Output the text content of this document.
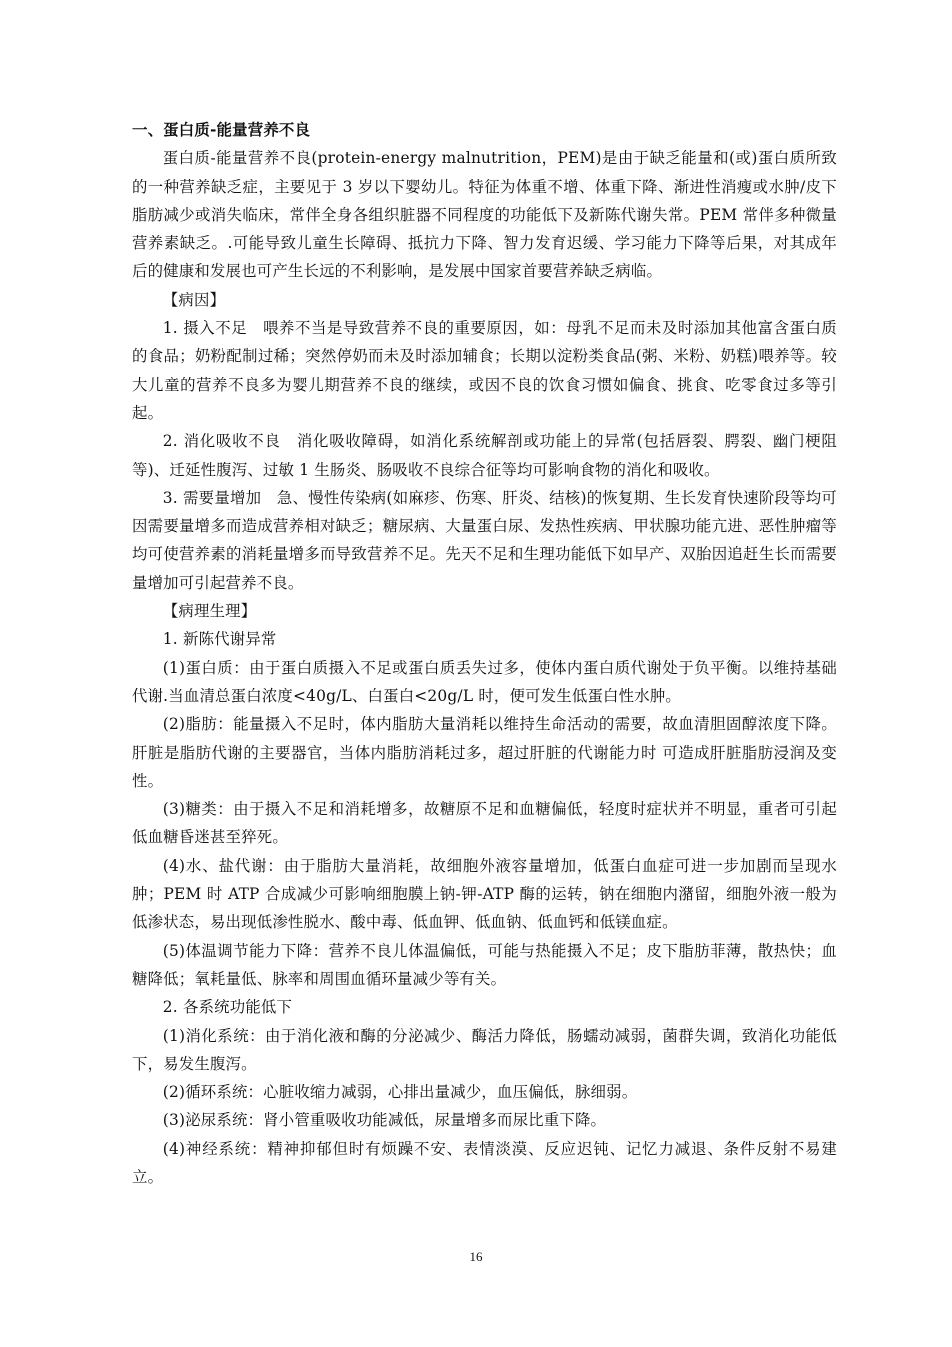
一、蛋白质-能量营养不良

蛋白质-能量营养不良(protein-energy malnutrition，PEM)是由于缺乏能量和(或)蛋白质所致的一种营养缺乏症，主要见于 3 岁以下婴幼儿。特征为体重不增、体重下降、渐进性消瘦或水肿/皮下脂肪减少或消失临床，常伴全身各组织脏器不同程度的功能低下及新陈代谢失常。PEM 常伴多种微量营养素缺乏。.可能导致儿童生长障碍、抵抗力下降、智力发育迟缓、学习能力下降等后果，对其成年后的健康和发展也可产生长远的不利影响，是发展中国家首要营养缺乏病临。

【病因】

1. 摄入不足　喂养不当是导致营养不良的重要原因，如：母乳不足而未及时添加其他富含蛋白质的食品；奶粉配制过稀；突然停奶而未及时添加辅食；长期以淀粉类食品(粥、米粉、奶糕)喂养等。较大儿童的营养不良多为婴儿期营养不良的继续，或因不良的饮食习惯如偏食、挑食、吃零食过多等引起。

2. 消化吸收不良　消化吸收障碍，如消化系统解剖或功能上的异常(包括唇裂、腭裂、幽门梗阻等)、迁延性腹泻、过敏 1 生肠炎、肠吸收不良综合征等均可影响食物的消化和吸收。

3. 需要量增加　急、慢性传染病(如麻疹、伤寒、肝炎、结核)的恢复期、生长发育快速阶段等均可因需要量增多而造成营养相对缺乏；糖尿病、大量蛋白尿、发热性疾病、甲状腺功能亢进、恶性肿瘤等均可使营养素的消耗量增多而导致营养不足。先天不足和生理功能低下如早产、双胎因追赶生长而需要量增加可引起营养不良。

【病理生理】

1. 新陈代谢异常

(1)蛋白质：由于蛋白质摄入不足或蛋白质丢失过多，使体内蛋白质代谢处于负平衡。以维持基础代谢.当血清总蛋白浓度<40g/L、白蛋白<20g/L 时，便可发生低蛋白性水肿。

(2)脂肪：能量摄入不足时，体内脂肪大量消耗以维持生命活动的需要，故血清胆固醇浓度下降。肝脏是脂肪代谢的主要器官，当体内脂肪消耗过多，超过肝脏的代谢能力时 可造成肝脏脂肪浸润及变性。

(3)糖类：由于摄入不足和消耗增多，故糖原不足和血糖偏低，轻度时症状并不明显，重者可引起低血糖昏迷甚至猝死。

(4)水、盐代谢：由于脂肪大量消耗，故细胞外液容量增加，低蛋白血症可进一步加剧而呈现水肿；PEM 时 ATP 合成减少可影响细胞膜上钠-钾-ATP 酶的运转，钠在细胞内潴留，细胞外液一般为低渗状态，易出现低渗性脱水、酸中毒、低血钾、低血钠、低血钙和低镁血症。

(5)体温调节能力下降：营养不良儿体温偏低，可能与热能摄入不足；皮下脂肪菲薄，散热快；血糖降低；氧耗量低、脉率和周围血循环量减少等有关。

2. 各系统功能低下

(1)消化系统：由于消化液和酶的分泌减少、酶活力降低，肠蠕动减弱，菌群失调，致消化功能低下，易发生腹泻。

(2)循环系统：心脏收缩力减弱，心排出量减少，血压偏低，脉细弱。

(3)泌尿系统：肾小管重吸收功能减低，尿量增多而尿比重下降。

(4)神经系统：精神抑郁但时有烦躁不安、表情淡漠、反应迟钝、记忆力减退、条件反射不易建立。

16
